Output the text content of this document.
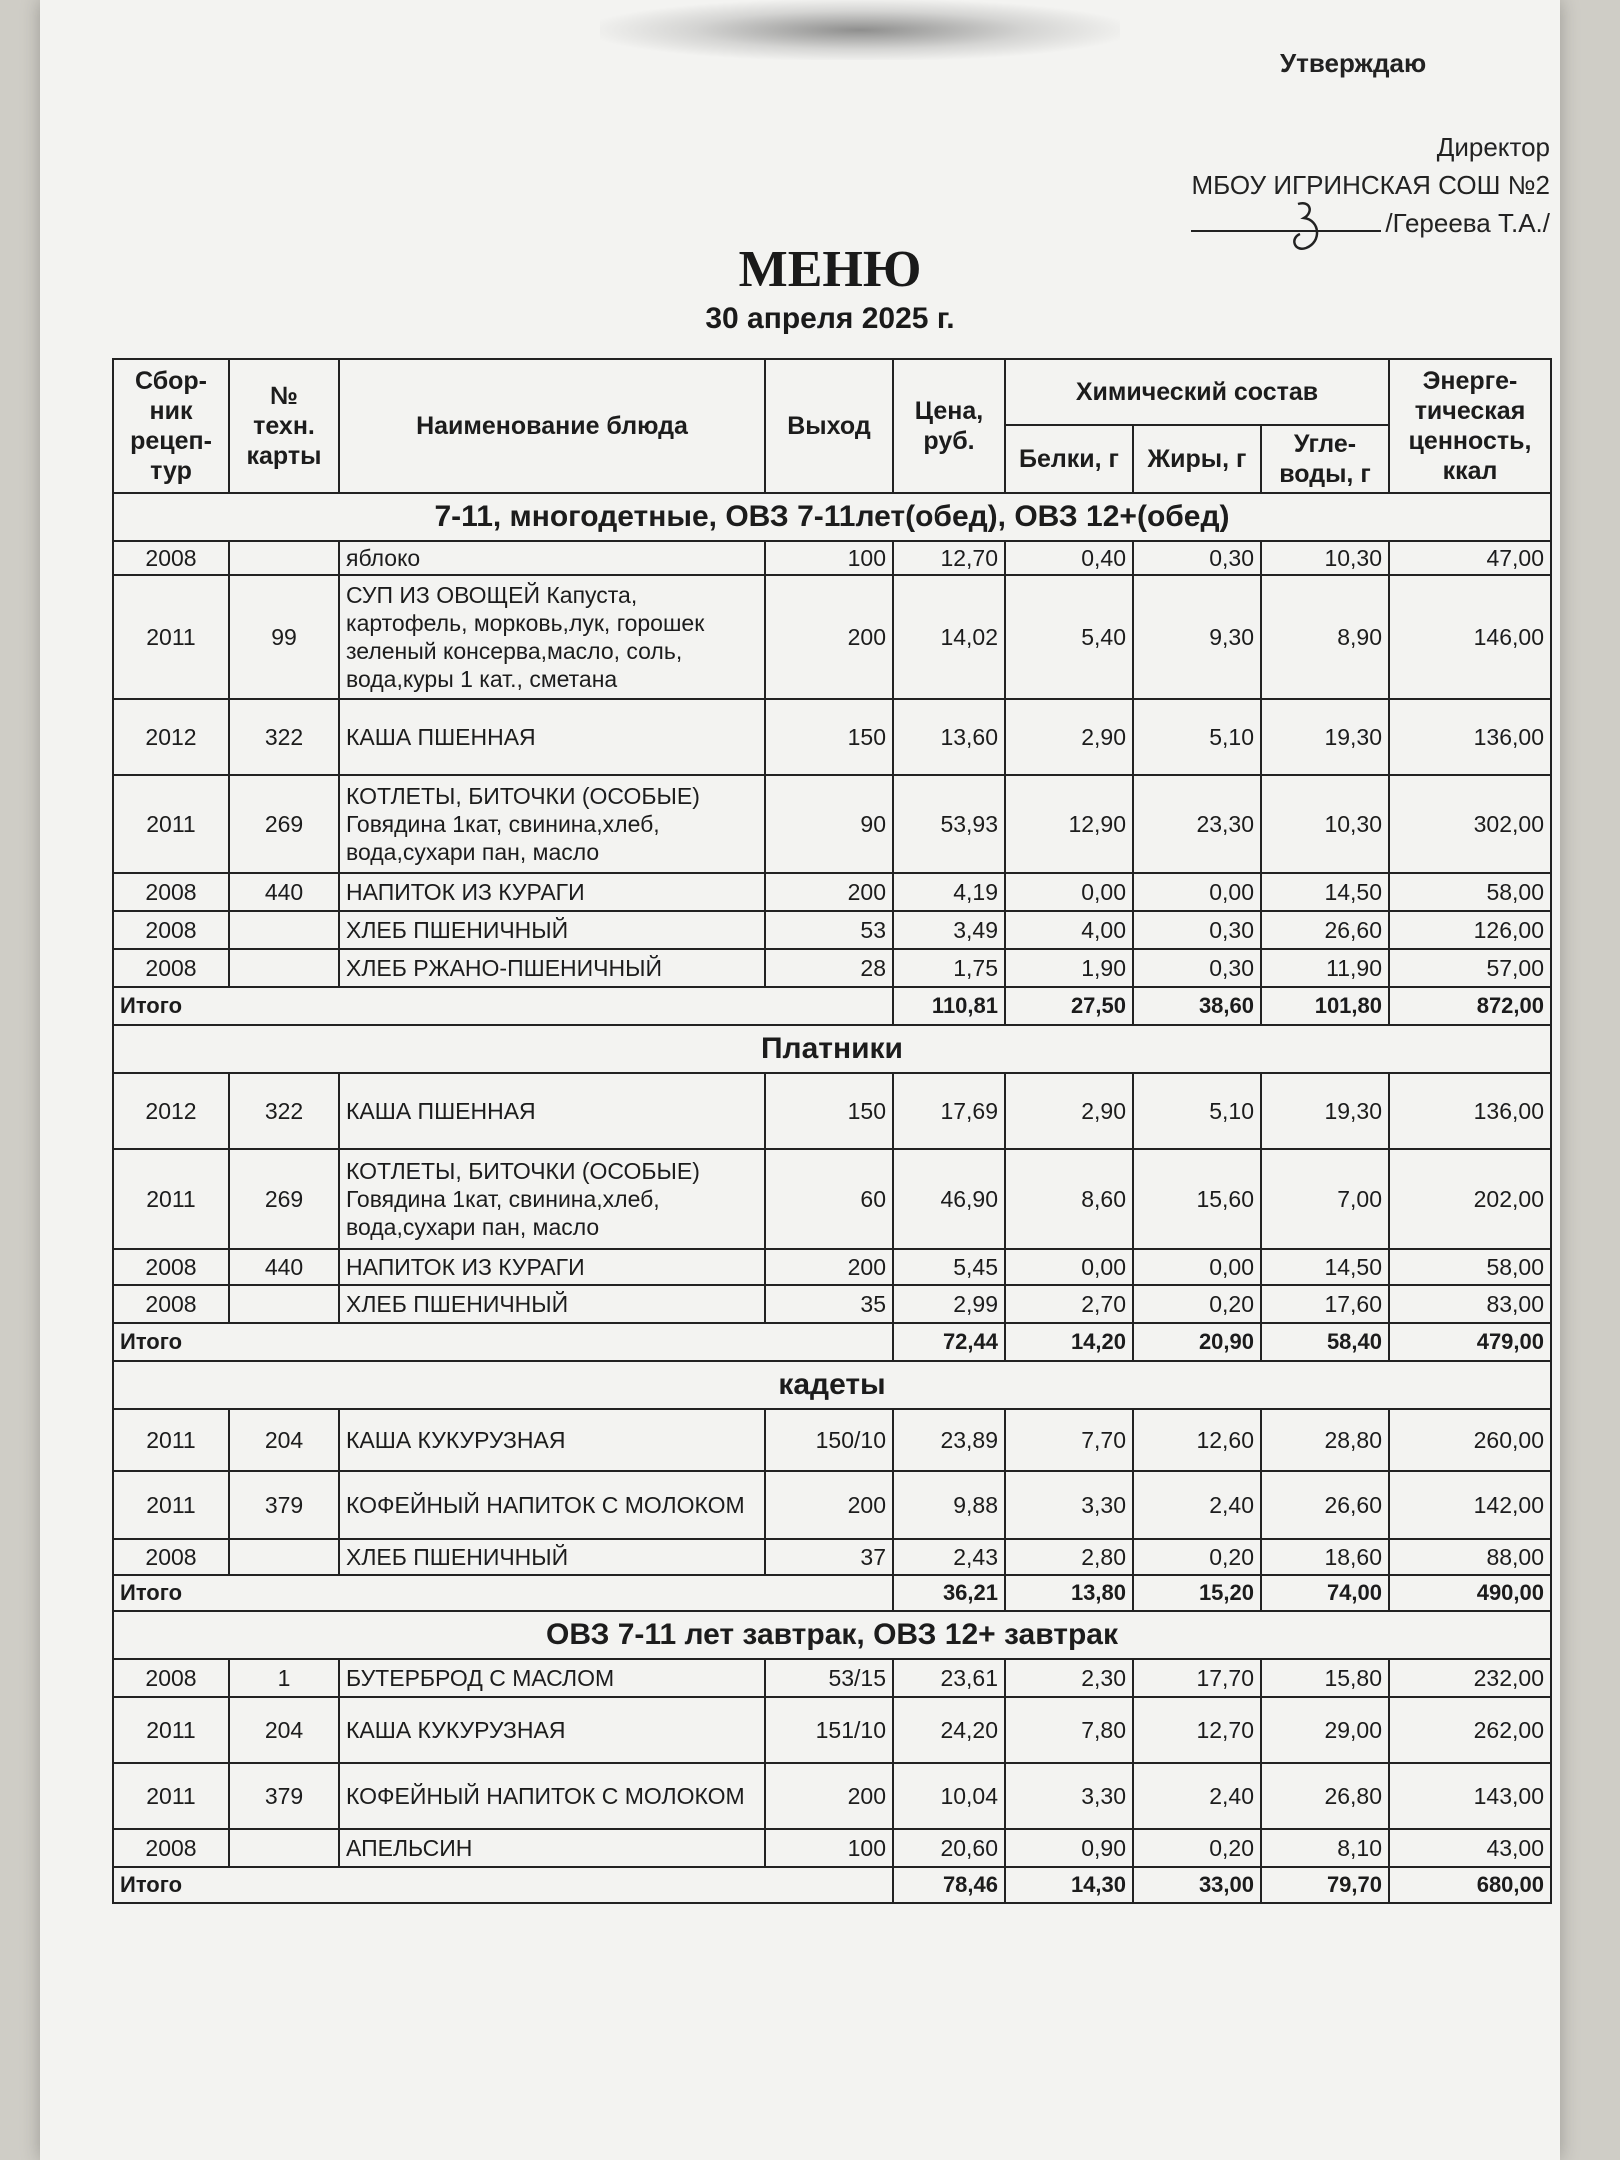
Утверждаю
Директор
МБОУ ИГРИНСКАЯ СОШ №2
/Гереева Т.А./
МЕНЮ
30 апреля 2025 г.
Сбор-ник рецеп-тур	№ техн. карты	Наименование блюда	Выход	Цена, руб.	Химический состав			Энерге-тическая ценность, ккал
					Белки, г	Жиры, г	Угле-воды, г	
7-11, многодетные, ОВЗ 7-11лет(обед), ОВЗ 12+(обед)								
2008		яблоко	100	12,70	0,40	0,30	10,30	47,00
2011	99	СУП ИЗ ОВОЩЕЙ Капуста, картофель, морковь,лук, горошек зеленый консерва,масло, соль, вода,куры 1 кат., сметана	200	14,02	5,40	9,30	8,90	146,00
2012	322	КАША ПШЕННАЯ	150	13,60	2,90	5,10	19,30	136,00
2011	269	КОТЛЕТЫ, БИТОЧКИ (ОСОБЫЕ) Говядина 1кат, свинина,хлеб, вода,сухари пан, масло	90	53,93	12,90	23,30	10,30	302,00
2008	440	НАПИТОК ИЗ КУРАГИ	200	4,19	0,00	0,00	14,50	58,00
2008		ХЛЕБ ПШЕНИЧНЫЙ	53	3,49	4,00	0,30	26,60	126,00
2008		ХЛЕБ РЖАНО-ПШЕНИЧНЫЙ	28	1,75	1,90	0,30	11,90	57,00
Итого				110,81	27,50	38,60	101,80	872,00
Платники								
2012	322	КАША ПШЕННАЯ	150	17,69	2,90	5,10	19,30	136,00
2011	269	КОТЛЕТЫ, БИТОЧКИ (ОСОБЫЕ) Говядина 1кат, свинина,хлеб, вода,сухари пан, масло	60	46,90	8,60	15,60	7,00	202,00
2008	440	НАПИТОК ИЗ КУРАГИ	200	5,45	0,00	0,00	14,50	58,00
2008		ХЛЕБ ПШЕНИЧНЫЙ	35	2,99	2,70	0,20	17,60	83,00
Итого				72,44	14,20	20,90	58,40	479,00
кадеты								
2011	204	КАША КУКУРУЗНАЯ	150/10	23,89	7,70	12,60	28,80	260,00
2011	379	КОФЕЙНЫЙ НАПИТОК С МОЛОКОМ	200	9,88	3,30	2,40	26,60	142,00
2008		ХЛЕБ ПШЕНИЧНЫЙ	37	2,43	2,80	0,20	18,60	88,00
Итого				36,21	13,80	15,20	74,00	490,00
ОВЗ 7-11 лет завтрак, ОВЗ 12+ завтрак								
2008	1	БУТЕРБРОД С МАСЛОМ	53/15	23,61	2,30	17,70	15,80	232,00
2011	204	КАША КУКУРУЗНАЯ	151/10	24,20	7,80	12,70	29,00	262,00
2011	379	КОФЕЙНЫЙ НАПИТОК С МОЛОКОМ	200	10,04	3,30	2,40	26,80	143,00
2008		АПЕЛЬСИН	100	20,60	0,90	0,20	8,10	43,00
Итого				78,46	14,30	33,00	79,70	680,00
